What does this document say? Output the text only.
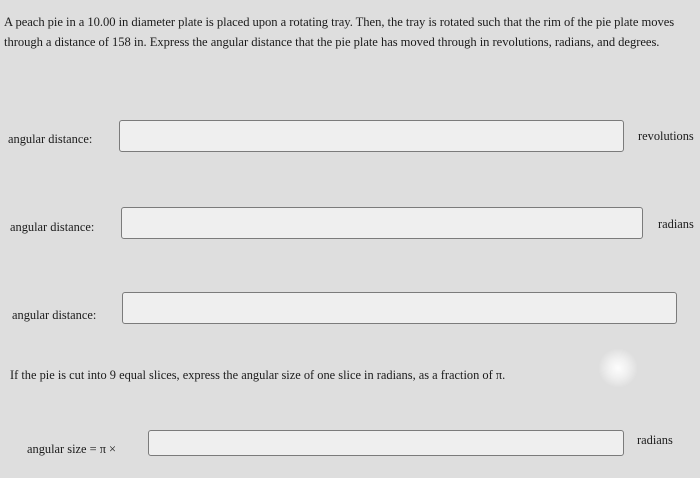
A peach pie in a 10.00 in diameter plate is placed upon a rotating tray. Then, the tray is rotated such that the rim of the pie plate moves through a distance of 158 in. Express the angular distance that the pie plate has moved through in revolutions, radians, and degrees.
angular distance:	revolutions
angular distance:	radians
angular distance:
If the pie is cut into 9 equal slices, express the angular size of one slice in radians, as a fraction of π.
angular size = π ×
radians
